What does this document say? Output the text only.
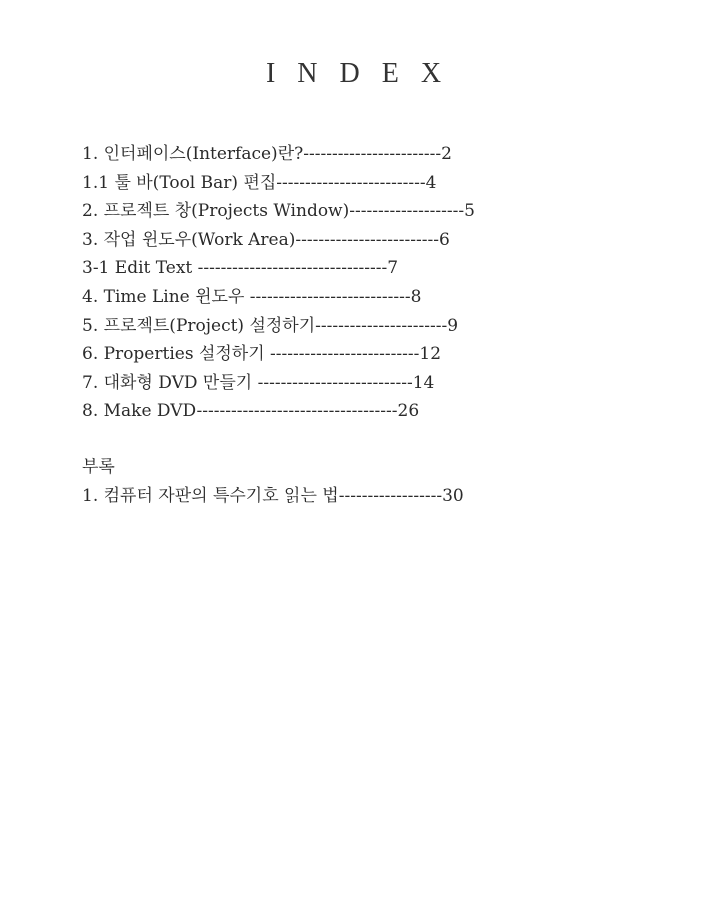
INDEX
1. 인터페이스(Interface)란?------------------------2
1.1 툴 바(Tool Bar) 편집--------------------------4
2. 프로젝트 창(Projects Window)--------------------5
3. 작업 윈도우(Work Area)-------------------------6
3-1 Edit Text ---------------------------------7
4. Time Line 윈도우 ----------------------------8
5. 프로젝트(Project) 설정하기-----------------------9
6. Properties 설정하기 --------------------------12
7. 대화형 DVD 만들기 ---------------------------14
8. Make DVD-----------------------------------26
부록
1. 컴퓨터 자판의 특수기호 읽는 법------------------30
